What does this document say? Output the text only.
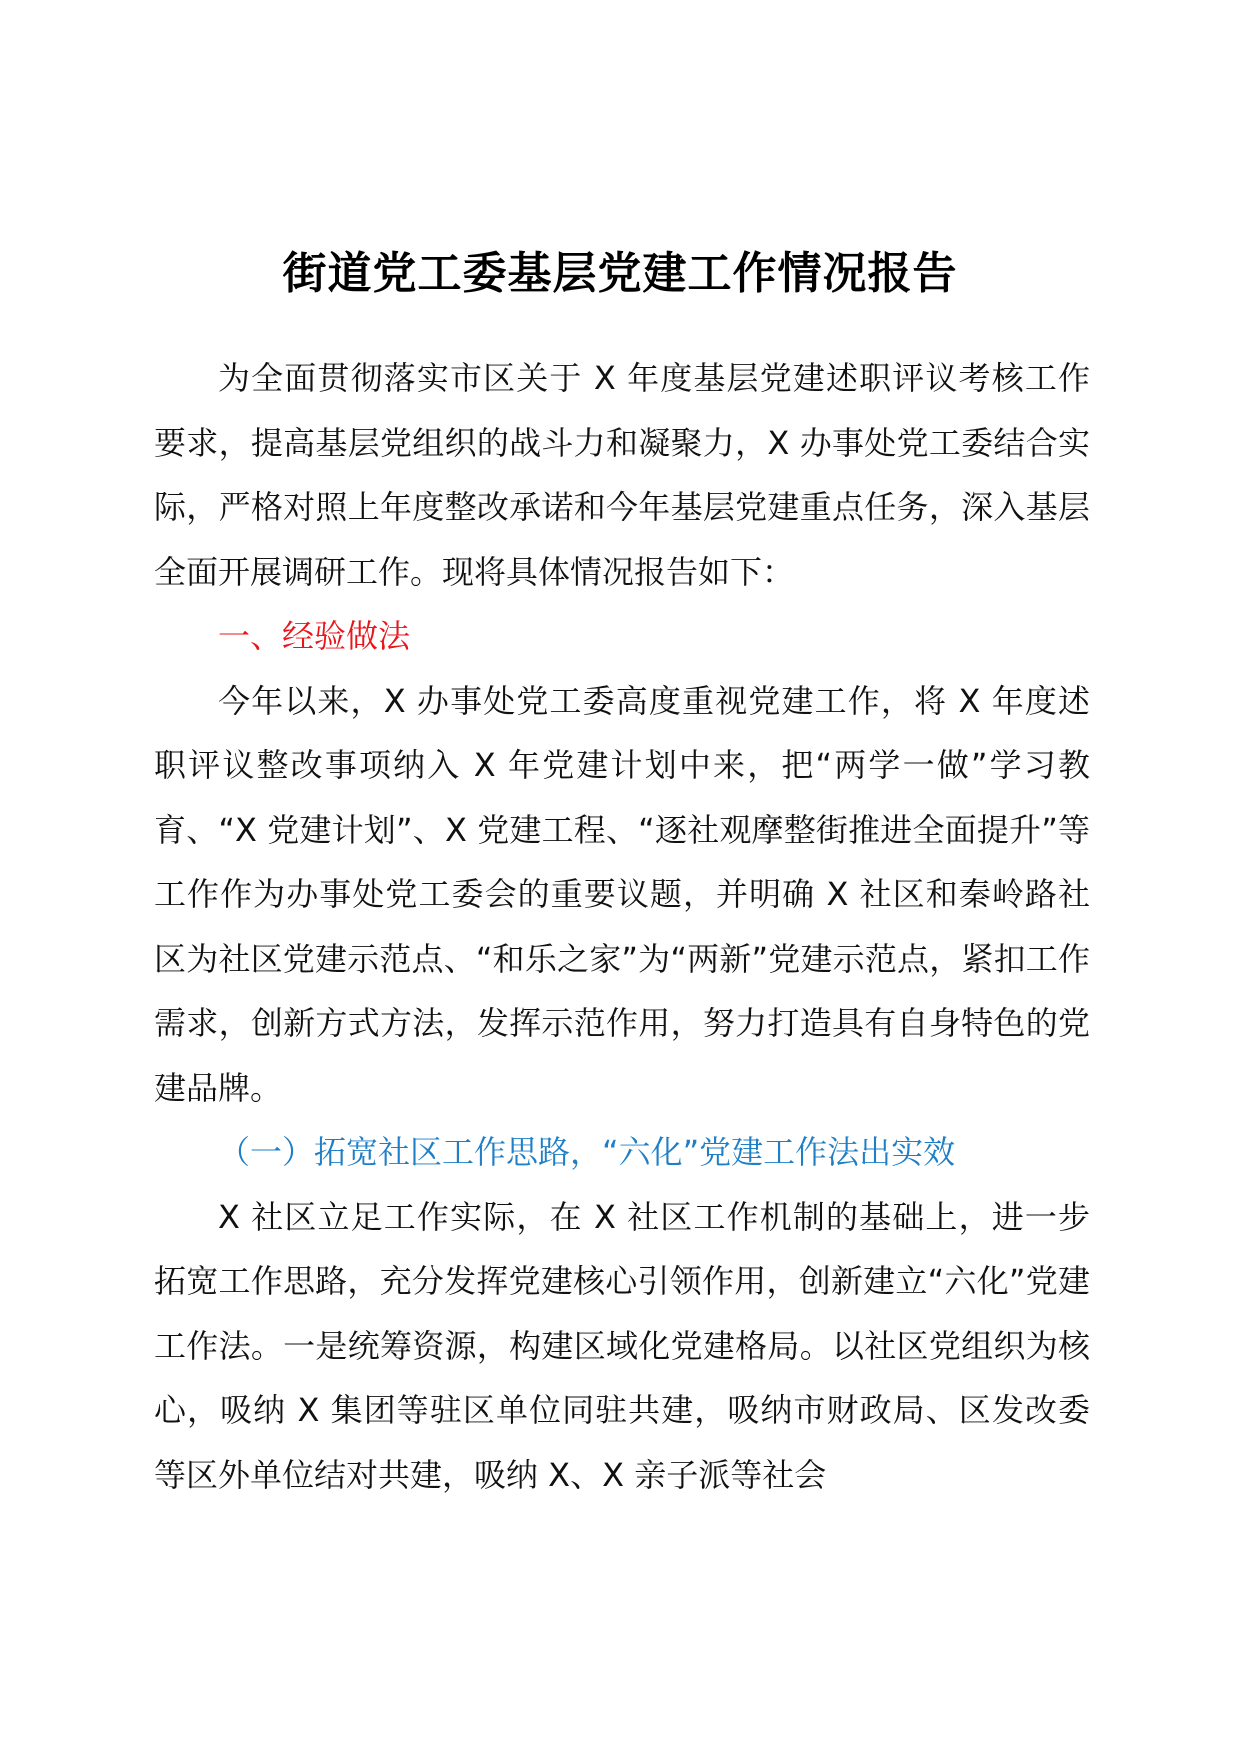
街道党工委基层党建工作情况报告

为全面贯彻落实市区关于 X 年度基层党建述职评议考核工作要求，提高基层党组织的战斗力和凝聚力，X 办事处党工委结合实际，严格对照上年度整改承诺和今年基层党建重点任务，深入基层全面开展调研工作。现将具体情况报告如下：

一、经验做法

今年以来，X 办事处党工委高度重视党建工作，将 X 年度述职评议整改事项纳入 X 年党建计划中来，把“两学一做”学习教育、“X 党建计划”、X 党建工程、“逐社观摩整街推进全面提升”等工作作为办事处党工委会的重要议题，并明确 X 社区和秦岭路社区为社区党建示范点、“和乐之家”为“两新”党建示范点，紧扣工作需求，创新方式方法，发挥示范作用，努力打造具有自身特色的党建品牌。

（一）拓宽社区工作思路，“六化”党建工作法出实效

X 社区立足工作实际，在 X 社区工作机制的基础上，进一步拓宽工作思路，充分发挥党建核心引领作用，创新建立“六化”党建工作法。一是统筹资源，构建区域化党建格局。以社区党组织为核心，吸纳 X 集团等驻区单位同驻共建，吸纳市财政局、区发改委等区外单位结对共建，吸纳 X、X 亲子派等社会
